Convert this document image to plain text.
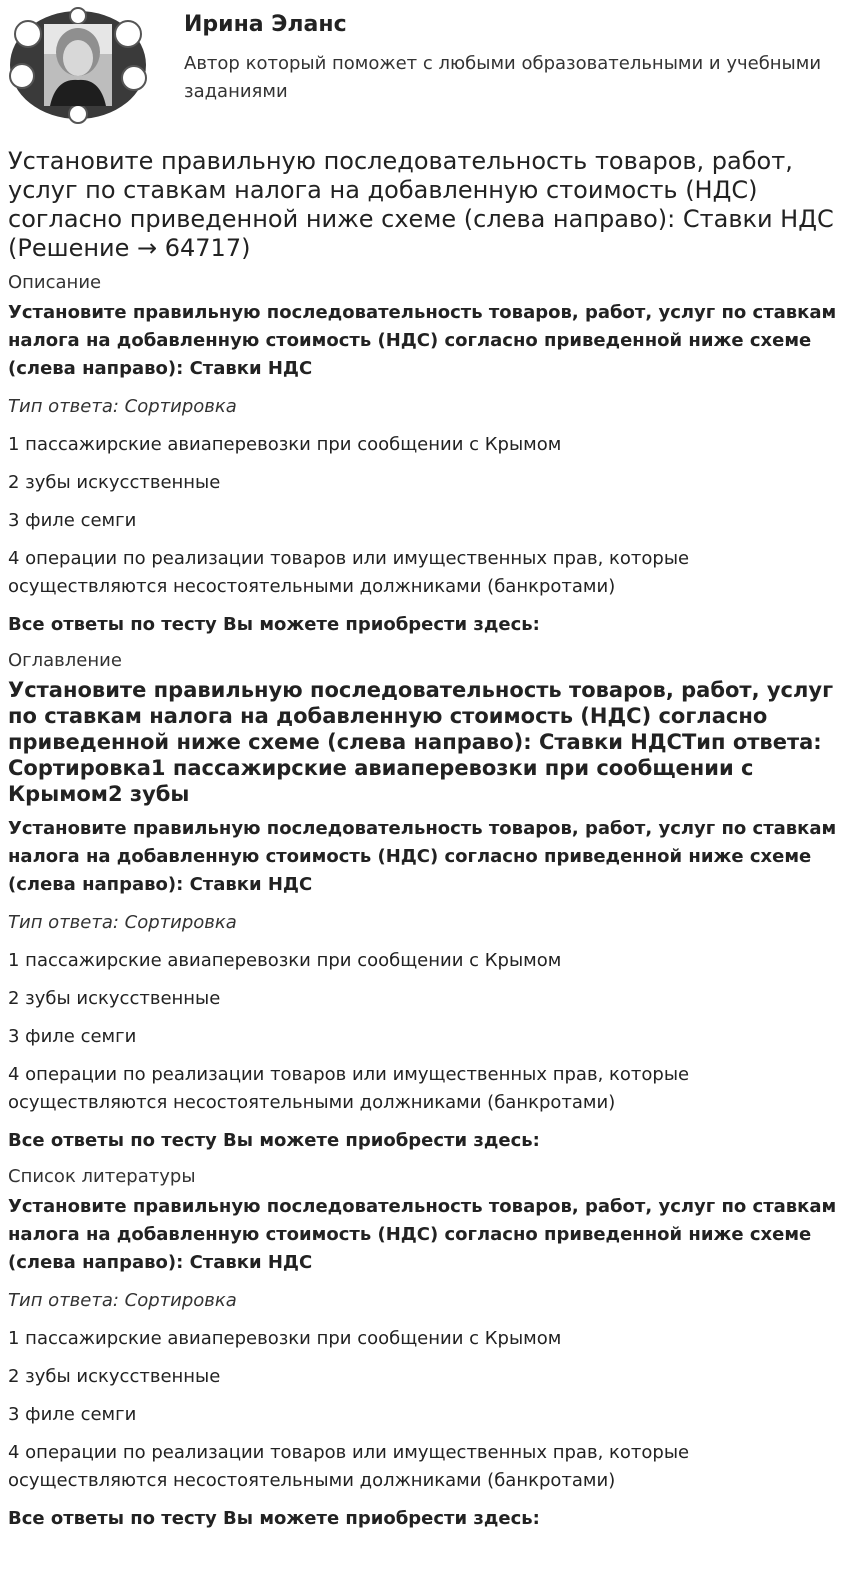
Ирина Эланс
Автор который поможет с любыми образовательными и учебными заданиями
Установите правильную последовательность товаров, работ, услуг по ставкам налога на добавленную стоимость (НДС) согласно приведенной ниже схеме (слева направо): Ставки НДС (Решение → 64717)
Описание
Установите правильную последовательность товаров, работ, услуг по ставкам налога на добавленную стоимость (НДС) согласно приведенной ниже схеме (слева направо): Ставки НДС
Тип ответа: Сортировка
1 пассажирские авиаперевозки при сообщении с Крымом
2 зубы искусственные
3 филе семги
4 операции по реализации товаров или имущественных прав, которые осуществляются несостоятельными должниками (банкротами)
Все ответы по тесту Вы можете приобрести здесь:
Оглавление
Установите правильную последовательность товаров, работ, услуг по ставкам налога на добавленную стоимость (НДС) согласно приведенной ниже схеме (слева направо): Ставки НДСТип ответа: Сортировка1 пассажирские авиаперевозки при сообщении с Крымом2 зубы
Установите правильную последовательность товаров, работ, услуг по ставкам налога на добавленную стоимость (НДС) согласно приведенной ниже схеме (слева направо): Ставки НДС
Тип ответа: Сортировка
1 пассажирские авиаперевозки при сообщении с Крымом
2 зубы искусственные
3 филе семги
4 операции по реализации товаров или имущественных прав, которые осуществляются несостоятельными должниками (банкротами)
Все ответы по тесту Вы можете приобрести здесь:
Список литературы
Установите правильную последовательность товаров, работ, услуг по ставкам налога на добавленную стоимость (НДС) согласно приведенной ниже схеме (слева направо): Ставки НДС
Тип ответа: Сортировка
1 пассажирские авиаперевозки при сообщении с Крымом
2 зубы искусственные
3 филе семги
4 операции по реализации товаров или имущественных прав, которые осуществляются несостоятельными должниками (банкротами)
Все ответы по тесту Вы можете приобрести здесь:
